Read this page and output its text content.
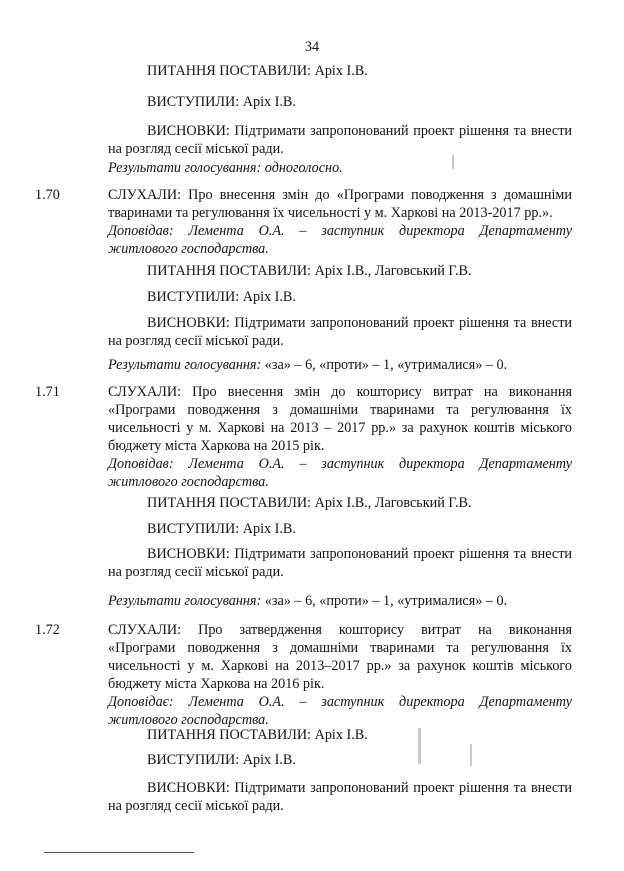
34
ПИТАННЯ ПОСТАВИЛИ: Аріх І.В.
ВИСТУПИЛИ: Аріх І.В.
ВИСНОВКИ: Підтримати запропонований проект рішення та внести
на розгляд сесії міської ради.
Результати голосування: одноголосно.
1.70	СЛУХАЛИ: Про внесення змін до «Програми поводження з домашніми
тваринами та регулювання їх чисельності у м. Харкові на 2013-2017 рр.».
Доповідав: Лемента О.А. – заступник директора Департаменту
житлового господарства.
ПИТАННЯ ПОСТАВИЛИ: Аріх І.В., Лаговський Г.В.
ВИСТУПИЛИ: Аріх І.В.
ВИСНОВКИ: Підтримати запропонований проект рішення та внести
на розгляд сесії міської ради.
Результати голосування: «за» – 6, «проти» – 1, «утрималися» – 0.
1.71	СЛУХАЛИ: Про внесення змін до кошторису витрат на виконання
«Програми поводження з домашніми тваринами та регулювання їх
чисельності у м. Харкові на 2013 – 2017 рр.» за рахунок коштів міського
бюджету міста Харкова на 2015 рік.
Доповідав: Лемента О.А. – заступник директора Департаменту
житлового господарства.
ПИТАННЯ ПОСТАВИЛИ: Аріх І.В., Лаговський Г.В.
ВИСТУПИЛИ: Аріх І.В.
ВИСНОВКИ: Підтримати запропонований проект рішення та внести
на розгляд сесії міської ради.
Результати голосування: «за» – 6, «проти» – 1, «утрималися» – 0.
1.72	СЛУХАЛИ: Про затвердження кошторису витрат на виконання
«Програми поводження з домашніми тваринами та регулювання їх
чисельності у м. Харкові на 2013–2017 рр.» за рахунок коштів міського
бюджету міста Харкова на 2016 рік.
Доповідає: Лемента О.А. – заступник директора Департаменту
житлового господарства.
ПИТАННЯ ПОСТАВИЛИ: Аріх І.В.
ВИСТУПИЛИ: Аріх І.В.
ВИСНОВКИ: Підтримати запропонований проект рішення та внести
на розгляд сесії міської ради.
